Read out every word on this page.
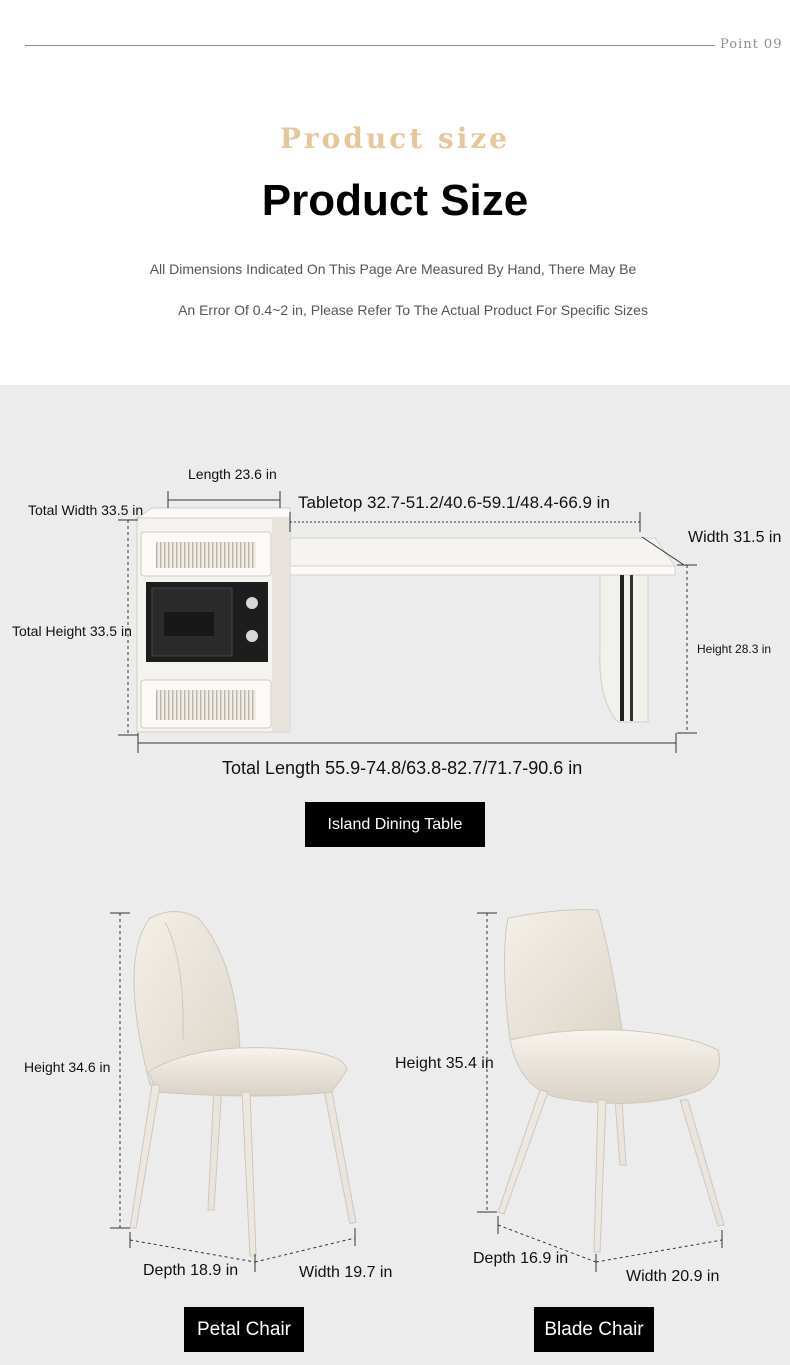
Point 09
Product size
Product Size
All Dimensions Indicated On This Page Are Measured By Hand, There May Be
An Error Of 0.4~2 in, Please Refer To The Actual Product For Specific Sizes
Length 23.6 in
Total Width 33.5 in	Tabletop 32.7-51.2/40.6-59.1/48.4-66.9 in
Width 31.5 in
Total Height 33.5 in
Height 28.3 in
Total Length 55.9-74.8/63.8-82.7/71.7-90.6 in
Island Dining Table
Height 34.6 in
Depth 18.9 in	Width 19.7 in
Petal Chair
Height 35.4 in
Depth 16.9 in
Width 20.9 in
Blade Chair
